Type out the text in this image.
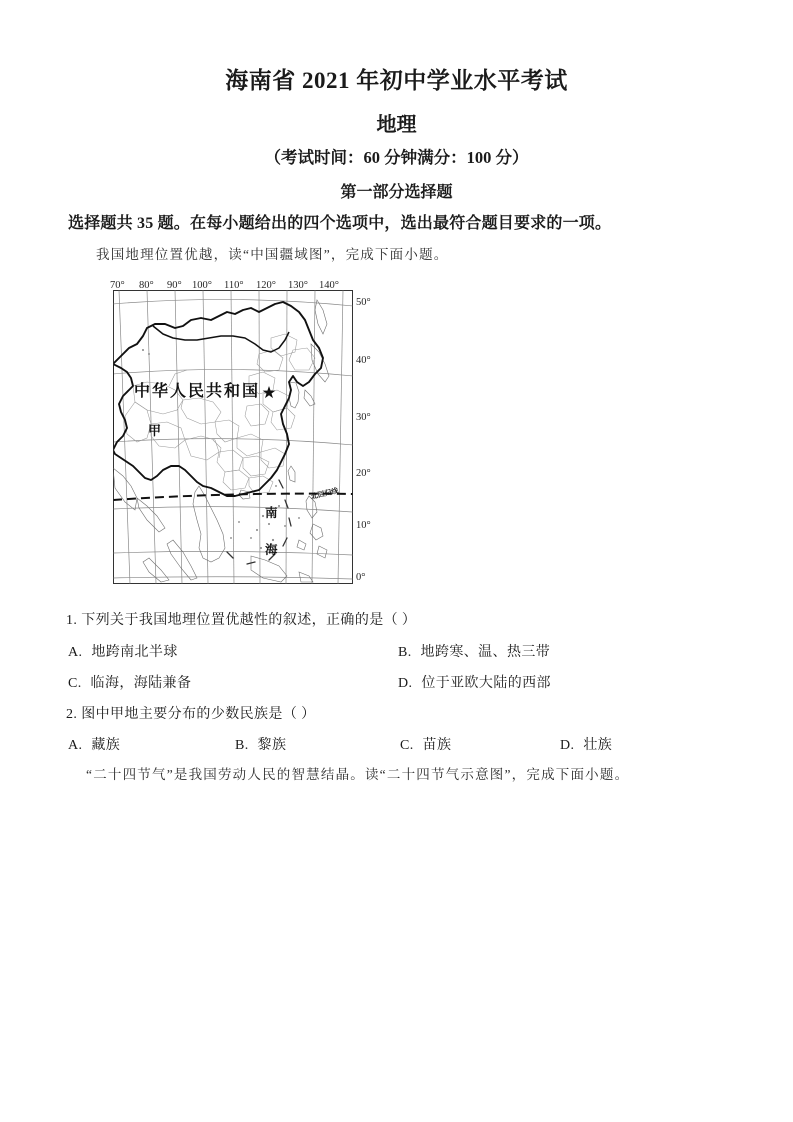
海南省 2021 年初中学业水平考试
地理
（考试时间：60 分钟满分：100 分）
第一部分选择题
选择题共 35 题。在每小题给出的四个选项中，选出最符合题目要求的一项。
我国地理位置优越，读“中国疆域图”，完成下面小题。
中华人民共和国
甲
南
海
北回归线
70° 80° 90° 100° 110° 120° 130° 140°
50°
40°
30°
20°
10°
0°
1. 下列关于我国地理位置优越性的叙述，正确的是（ ）
A. 地跨南北半球	B. 地跨寒、温、热三带
C. 临海，海陆兼备	D. 位于亚欧大陆的西部
2. 图中甲地主要分布的少数民族是（ ）
A. 藏族	B. 黎族	C. 苗族	D. 壮族
“二十四节气”是我国劳动人民的智慧结晶。读“二十四节气示意图”，完成下面小题。
